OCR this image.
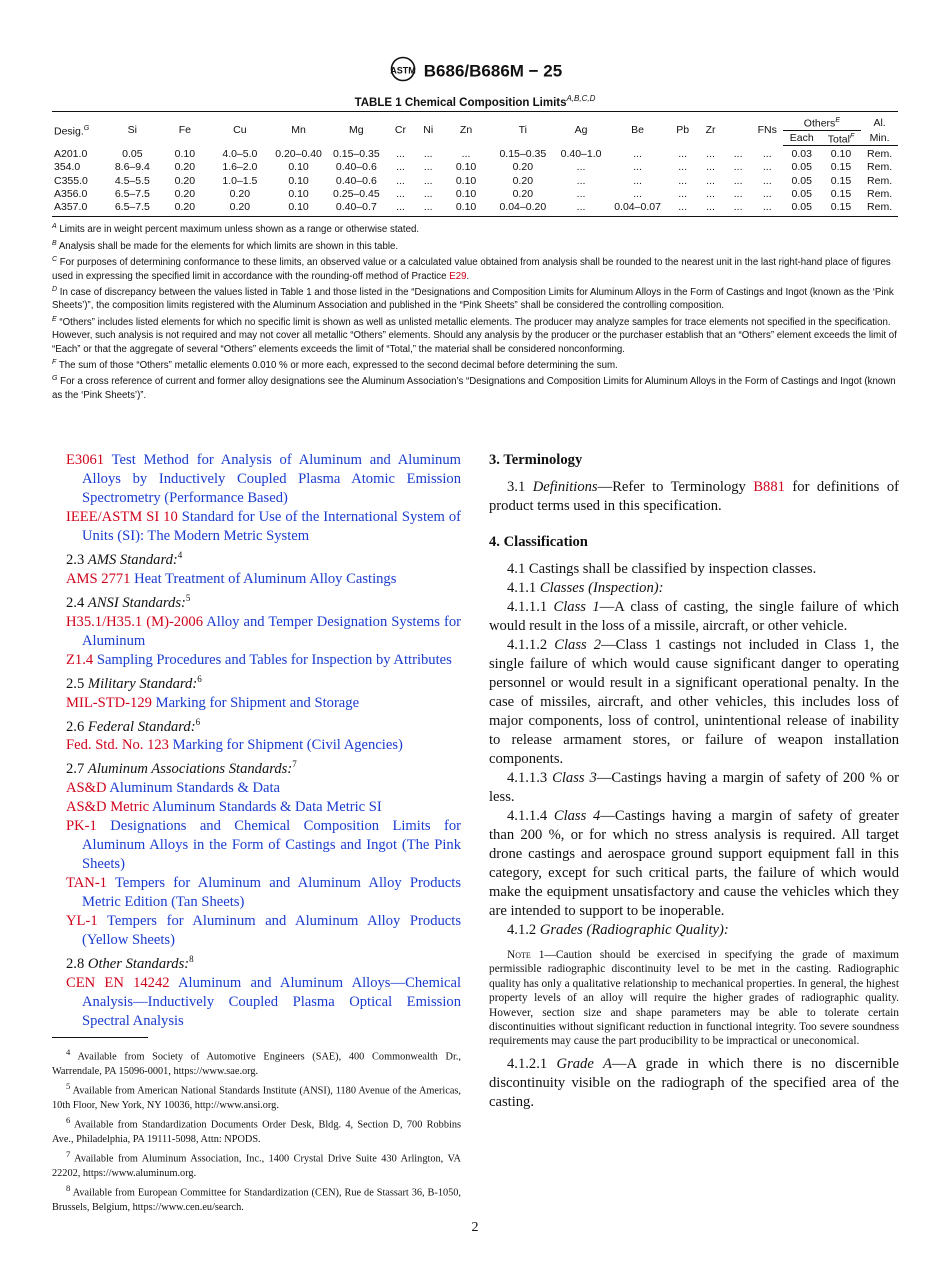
ASTM B686/B686M − 25
TABLE 1 Chemical Composition Limits$^{A,B,C,D}$
Desig.$^G$	Si	Fe	Cu	Mn	Mg	Cr	Ni	Zn	Ti	Ag	Be	Pb	Zr		FNs	Others$^E$		Al.
																Each	Total$^F$	Min.
A201.0	0.05	0.10	4.0–5.0	0.20–0.40	0.15–0.35	...	...	...	0.15–0.35	0.40–1.0	...	...	...	...	...	0.03	0.10	Rem.
354.0	8.6–9.4	0.20	1.6–2.0	0.10	0.40–0.6	...	...	0.10	0.20	...	...	...	...	...	...	0.05	0.15	Rem.
C355.0	4.5–5.5	0.20	1.0–1.5	0.10	0.40–0.6	...	...	0.10	0.20	...	...	...	...	...	...	0.05	0.15	Rem.
A356.0	6.5–7.5	0.20	0.20	0.10	0.25–0.45	...	...	0.10	0.20	...	...	...	...	...	...	0.05	0.15	Rem.
A357.0	6.5–7.5	0.20	0.20	0.10	0.40–0.7	...	...	0.10	0.04–0.20	...	0.04–0.07	...	...	...	...	0.05	0.15	Rem.

$^A$ Limits are in weight percent maximum unless shown as a range or otherwise stated.

$^B$ Analysis shall be made for the elements for which limits are shown in this table.

$^C$ For purposes of determining conformance to these limits, an observed value or a calculated value obtained from analysis shall be rounded to the nearest unit in the last right-hand place of figures used in expressing the specified limit in accordance with the rounding-off method of Practice E29.

$^D$ In case of discrepancy between the values listed in Table 1 and those listed in the “Designations and Composition Limits for Aluminum Alloys in the Form of Castings and Ingot (known as the ‘Pink Sheets’)”, the composition limits registered with the Aluminum Association and published in the “Pink Sheets” shall be considered the controlling composition.

$^E$ “Others” includes listed elements for which no specific limit is shown as well as unlisted metallic elements. The producer may analyze samples for trace elements not specified in the specification. However, such analysis is not required and may not cover all metallic “Others” elements. Should any analysis by the producer or the purchaser establish that an “Others” element exceeds the limit of “Each” or that the aggregate of several “Others” elements exceeds the limit of “Total,” the material shall be considered nonconforming.

$^F$ The sum of those “Others” metallic elements 0.010 % or more each, expressed to the second decimal before determining the sum.

$^G$ For a cross reference of current and former alloy designations see the Aluminum Association’s “Designations and Composition Limits for Aluminum Alloys in the Form of Castings and Ingot (known as the ‘Pink Sheets’)”.

E3061 Test Method for Analysis of Aluminum and Aluminum Alloys by Inductively Coupled Plasma Atomic Emission Spectrometry (Performance Based)
IEEE/ASTM SI 10 Standard for Use of the International System of Units (SI): The Modern Metric System
2.3 AMS Standard:$^4$
AMS 2771 Heat Treatment of Aluminum Alloy Castings
2.4 ANSI Standards:$^5$
H35.1/H35.1 (M)-2006 Alloy and Temper Designation Systems for Aluminum
Z1.4 Sampling Procedures and Tables for Inspection by Attributes
2.5 Military Standard:$^6$
MIL-STD-129 Marking for Shipment and Storage
2.6 Federal Standard:$^6$
Fed. Std. No. 123 Marking for Shipment (Civil Agencies)
2.7 Aluminum Associations Standards:$^7$
AS&D Aluminum Standards & Data
AS&D Metric Aluminum Standards & Data Metric SI
PK-1 Designations and Chemical Composition Limits for Aluminum Alloys in the Form of Castings and Ingot (The Pink Sheets)
TAN-1 Tempers for Aluminum and Aluminum Alloy Products Metric Edition (Tan Sheets)
YL-1 Tempers for Aluminum and Aluminum Alloy Products (Yellow Sheets)
2.8 Other Standards:$^8$
CEN EN 14242 Aluminum and Aluminum Alloys—Chemical Analysis—Inductively Coupled Plasma Optical Emission Spectral Analysis

$^4$ Available from Society of Automotive Engineers (SAE), 400 Commonwealth Dr., Warrendale, PA 15096-0001, https://www.sae.org.

$^5$ Available from American National Standards Institute (ANSI), 1180 Avenue of the Americas, 10th Floor, New York, NY 10036, http://www.ansi.org.

$^6$ Available from Standardization Documents Order Desk, Bldg. 4, Section D, 700 Robbins Ave., Philadelphia, PA 19111-5098, Attn: NPODS.

$^7$ Available from Aluminum Association, Inc., 1400 Crystal Drive Suite 430 Arlington, VA 22202, https://www.aluminum.org.

$^8$ Available from European Committee for Standardization (CEN), Rue de Stassart 36, B-1050, Brussels, Belgium, https://www.cen.eu/search.

3. Terminology

3.1 Definitions—Refer to Terminology B881 for definitions of product terms used in this specification.

4. Classification

4.1 Castings shall be classified by inspection classes.

4.1.1 Classes (Inspection):

4.1.1.1 Class 1—A class of casting, the single failure of which would result in the loss of a missile, aircraft, or other vehicle.

4.1.1.2 Class 2—Class 1 castings not included in Class 1, the single failure of which would cause significant danger to operating personnel or would result in a significant operational penalty. In the case of missiles, aircraft, and other vehicles, this includes loss of major components, loss of control, unintentional release of inability to release armament stores, or failure of weapon installation components.

4.1.1.3 Class 3—Castings having a margin of safety of 200 % or less.

4.1.1.4 Class 4—Castings having a margin of safety of greater than 200 %, or for which no stress analysis is required. All target drone castings and aerospace ground support equipment fall in this category, except for such critical parts, the failure of which would make the equipment unsatisfactory and cause the vehicles which they are intended to support to be inoperable.

4.1.2 Grades (Radiographic Quality):

Note 1—Caution should be exercised in specifying the grade of maximum permissible radiographic discontinuity level to be met in the casting. Radiographic quality has only a qualitative relationship to mechanical properties. In general, the highest property levels of an alloy will require the higher grades of radiographic quality. However, section size and shape parameters may be able to tolerate certain discontinuities without significant reduction in functional integrity. Too severe soundness requirements may cause the part producibility to be impractical or uneconomical.

4.1.2.1 Grade A—A grade in which there is no discernible discontinuity visible on the radiograph of the specified area of the casting.

2
